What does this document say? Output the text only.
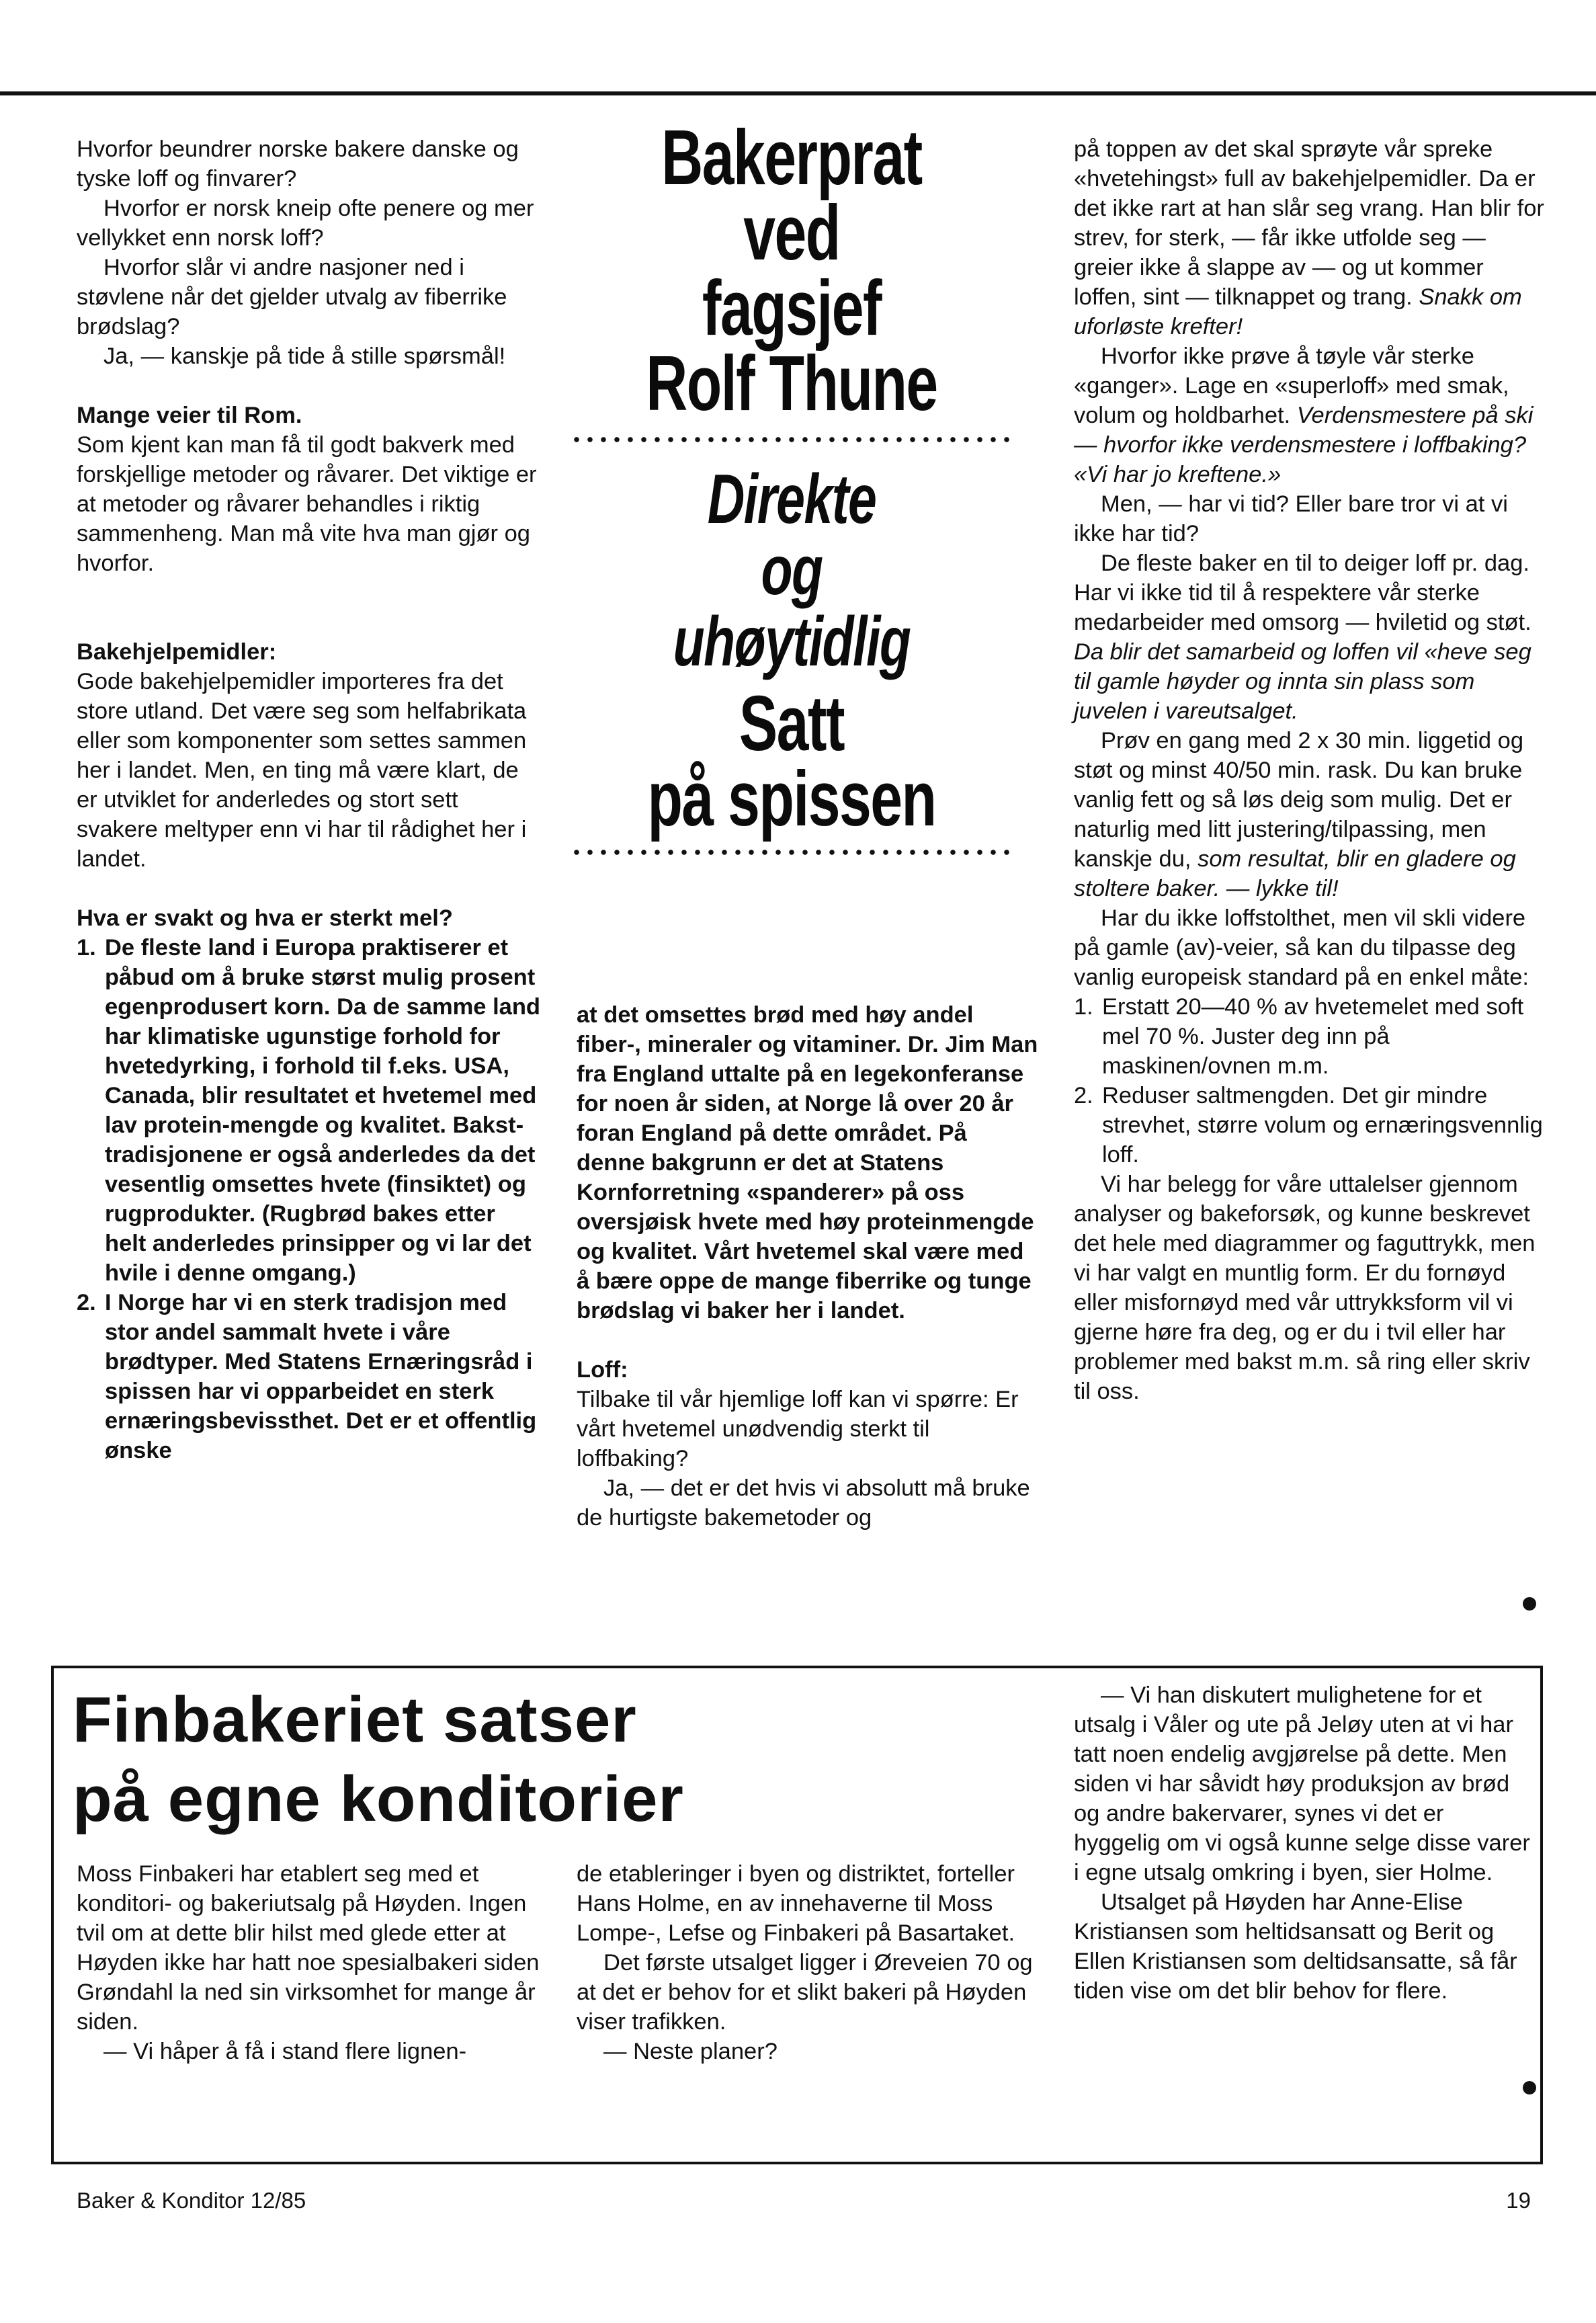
Hvorfor beundrer norske bakere danske og tyske loff og finvarer?

Hvorfor er norsk kneip ofte penere og mer vellykket enn norsk loff?

Hvorfor slår vi andre nasjoner ned i støvlene når det gjelder utvalg av fiberrike brødslag?

Ja, — kanskje på tide å stille spørsmål!

Mange veier til Rom.

Som kjent kan man få til godt bakverk med forskjellige metoder og råvarer. Det viktige er at metoder og råvarer behandles i riktig sammenheng. Man må vite hva man gjør og hvorfor.

Bakehjelpemidler:

Gode bakehjelpemidler importeres fra det store utland. Det være seg som helfabrikata eller som komponenter som settes sammen her i landet. Men, en ting må være klart, de er utviklet for anderledes og stort sett svakere meltyper enn vi har til rådighet her i landet.

Hva er svakt og hva er sterkt mel?

1. De fleste land i Europa praktiserer et påbud om å bruke størst mulig prosent egenprodusert korn. Da de samme land har klimatiske ugunstige forhold for hvetedyrking, i forhold til f.eks. USA, Canada, blir resultatet et hvetemel med lav protein-mengde og kvalitet. Bakst-tradisjonene er også anderledes da det vesentlig omsettes hvete (finsiktet) og rugprodukter. (Rugbrød bakes etter helt anderledes prinsipper og vi lar det hvile i denne omgang.)
2. I Norge har vi en sterk tradisjon med stor andel sammalt hvete i våre brødtyper. Med Statens Ernæringsråd i spissen har vi opparbeidet en sterk ernæringsbevissthet. Det er et offentlig ønske
Bakerprat
ved
fagsjef
Rolf Thune
Direkte
og
uhøytidlig
Satt
på spissen

at det omsettes brød med høy andel fiber-, mineraler og vitaminer. Dr. Jim Man fra England uttalte på en legekonferanse for noen år siden, at Norge lå over 20 år foran England på dette området. På denne bakgrunn er det at Statens Kornforretning «spanderer» på oss oversjøisk hvete med høy proteinmengde og kvalitet. Vårt hvetemel skal være med å bære oppe de mange fiberrike og tunge brødslag vi baker her i landet.

Loff:

Tilbake til vår hjemlige loff kan vi spørre: Er vårt hvetemel unødvendig sterkt til loffbaking?

Ja, — det er det hvis vi absolutt må bruke de hurtigste bakemetoder og

på toppen av det skal sprøyte vår spreke «hvetehingst» full av bakehjelpemidler. Da er det ikke rart at han slår seg vrang. Han blir for strev, for sterk, — får ikke utfolde seg — greier ikke å slappe av — og ut kommer loffen, sint — tilknappet og trang. Snakk om uforløste krefter!

Hvorfor ikke prøve å tøyle vår sterke «ganger». Lage en «superloff» med smak, volum og holdbarhet. Verdensmestere på ski — hvorfor ikke verdensmestere i loffbaking? «Vi har jo kreftene.»

Men, — har vi tid? Eller bare tror vi at vi ikke har tid?

De fleste baker en til to deiger loff pr. dag. Har vi ikke tid til å respektere vår sterke medarbeider med omsorg — hviletid og støt. Da blir det samarbeid og loffen vil «heve seg til gamle høyder og innta sin plass som juvelen i vareutsalget.

Prøv en gang med 2 x 30 min. liggetid og støt og minst 40/50 min. rask. Du kan bruke vanlig fett og så løs deig som mulig. Det er naturlig med litt justering/tilpassing, men kanskje du, som resultat, blir en gladere og stoltere baker. — lykke til!

Har du ikke loffstolthet, men vil skli videre på gamle (av)-veier, så kan du tilpasse deg vanlig europeisk standard på en enkel måte:

1. Erstatt 20—40 % av hvetemelet med soft mel 70 %. Juster deg inn på maskinen/ovnen m.m.
2. Reduser saltmengden. Det gir mindre strevhet, større volum og ernæringsvennlig loff.

Vi har belegg for våre uttalelser gjennom analyser og bakeforsøk, og kunne beskrevet det hele med diagrammer og faguttrykk, men vi har valgt en muntlig form. Er du fornøyd eller misfornøyd med vår uttrykksform vil vi gjerne høre fra deg, og er du i tvil eller har problemer med bakst m.m. så ring eller skriv til oss.

Finbakeriet satser
på egne konditorier

Moss Finbakeri har etablert seg med et konditori- og bakeriutsalg på Høyden. Ingen tvil om at dette blir hilst med glede etter at Høyden ikke har hatt noe spesialbakeri siden Grøndahl la ned sin virksomhet for mange år siden.

— Vi håper å få i stand flere lignen-

de etableringer i byen og distriktet, forteller Hans Holme, en av innehaverne til Moss Lompe-, Lefse og Finbakeri på Basartaket.

Det første utsalget ligger i Øreveien 70 og at det er behov for et slikt bakeri på Høyden viser trafikken.

— Neste planer?

— Vi han diskutert mulighetene for et utsalg i Våler og ute på Jeløy uten at vi har tatt noen endelig avgjørelse på dette. Men siden vi har såvidt høy produksjon av brød og andre bakervarer, synes vi det er hyggelig om vi også kunne selge disse varer i egne utsalg omkring i byen, sier Holme.

Utsalget på Høyden har Anne-Elise Kristiansen som heltidsansatt og Berit og Ellen Kristiansen som deltidsansatte, så får tiden vise om det blir behov for flere.

Baker & Konditor 12/85	19
